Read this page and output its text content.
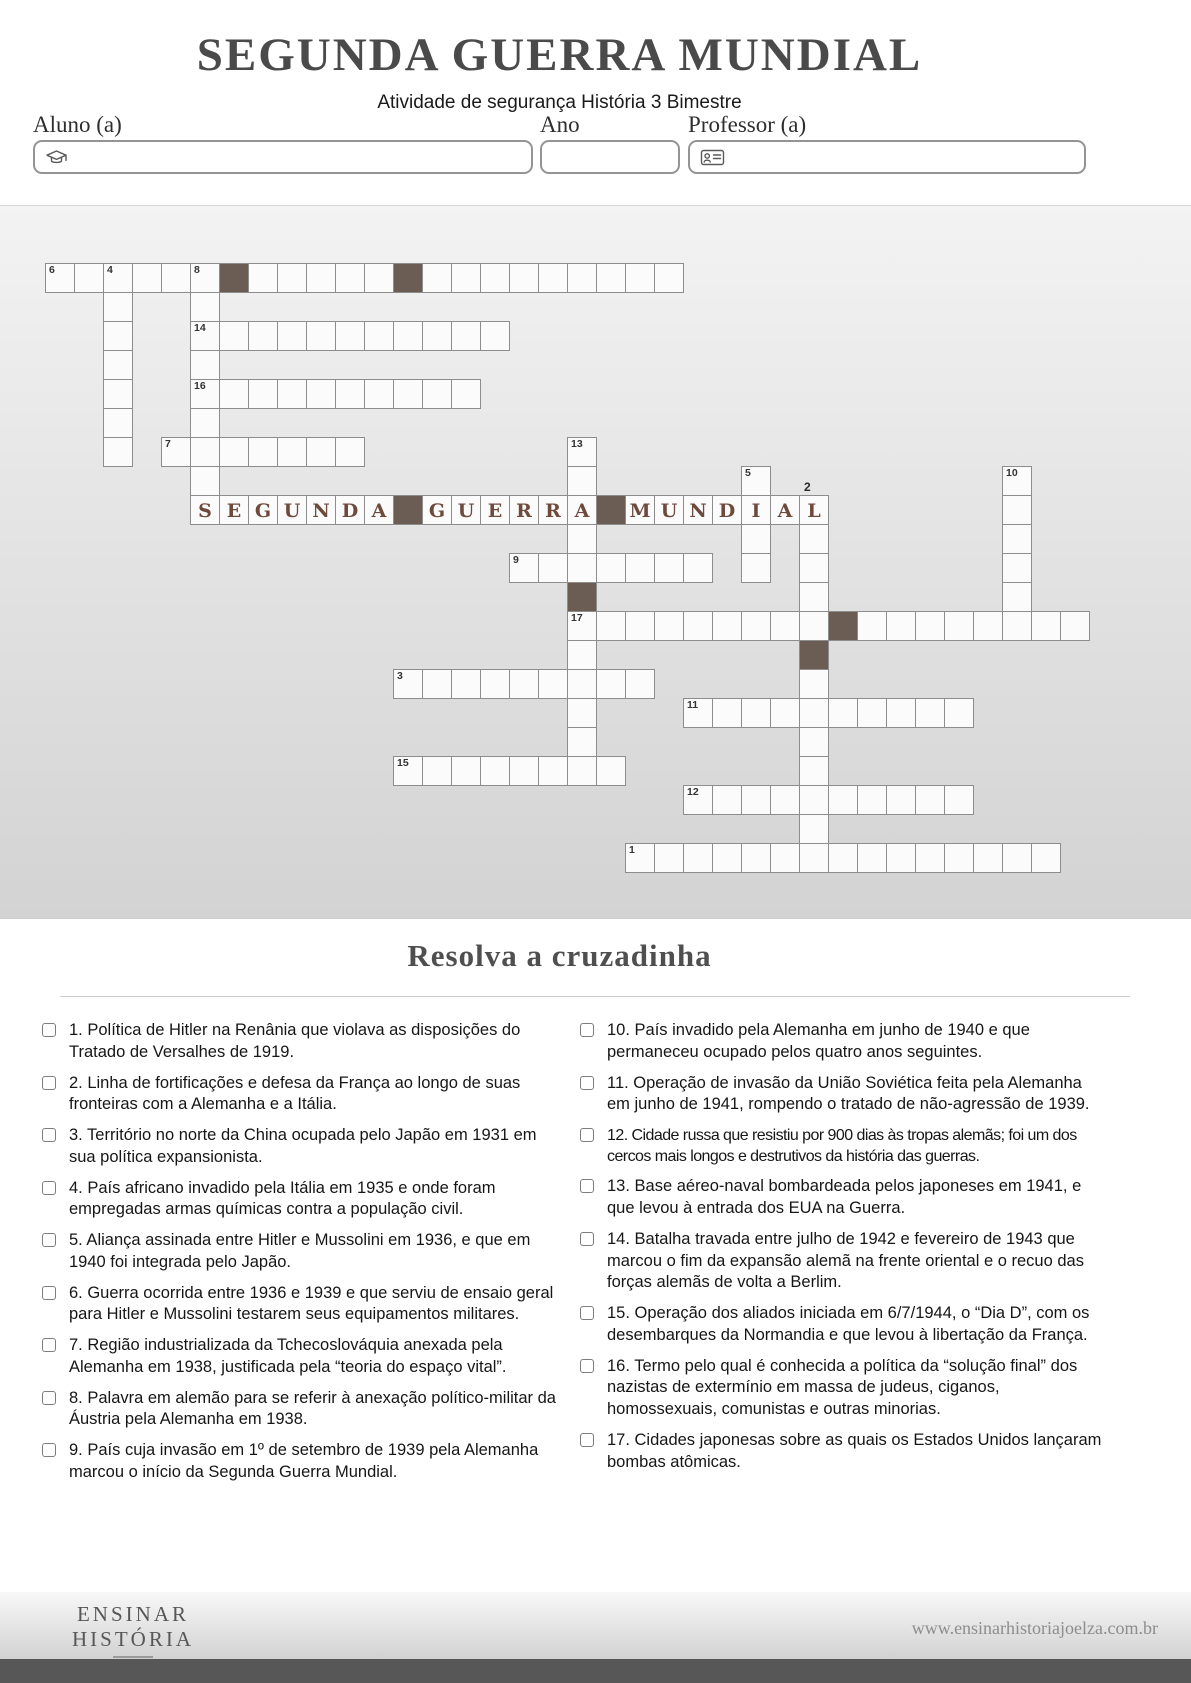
SEGUNDA GUERRA MUNDIAL
Atividade de segurança História 3 Bimestre
Aluno (a)	Ano	Professor (a)
6	4	8
14
16
S
7	13
A
17
5
I
10
E G U N D A G U E R R	M U N D A L
2
9
3
11
15
12
1
Resolva a cruzadinha
1. Política de Hitler na Renânia que violava as disposições do Tratado de Versalhes de 1919.
2. Linha de fortificações e defesa da França ao longo de suas fronteiras com a Alemanha e a Itália.
3. Território no norte da China ocupada pelo Japão em 1931 em sua política expansionista.
4. País africano invadido pela Itália em 1935 e onde foram empregadas armas químicas contra a população civil.
5. Aliança assinada entre Hitler e Mussolini em 1936, e que em 1940 foi integrada pelo Japão.
6. Guerra ocorrida entre 1936 e 1939 e que serviu de ensaio geral para Hitler e Mussolini testarem seus equipamentos militares.
7. Região industrializada da Tchecoslováquia anexada pela Alemanha em 1938, justificada pela “teoria do espaço vital”.
8. Palavra em alemão para se referir à anexação político-militar da Áustria pela Alemanha em 1938.
9. País cuja invasão em 1º de setembro de 1939 pela Alemanha marcou o início da Segunda Guerra Mundial.
10. País invadido pela Alemanha em junho de 1940 e que permaneceu ocupado pelos quatro anos seguintes.
11. Operação de invasão da União Soviética feita pela Alemanha em junho de 1941, rompendo o tratado de não-agressão de 1939.
12. Cidade russa que resistiu por 900 dias às tropas alemãs; foi um dos cercos mais longos e destrutivos da história das guerras.
13. Base aéreo-naval bombardeada pelos japoneses em 1941, e que levou à entrada dos EUA na Guerra.
14. Batalha travada entre julho de 1942 e fevereiro de 1943 que marcou o fim da expansão alemã na frente oriental e o recuo das forças alemãs de volta a Berlim.
15. Operação dos aliados iniciada em 6/7/1944, o “Dia D”, com os desembarques da Normandia e que levou à libertação da França.
16. Termo pelo qual é conhecida a política da “solução final” dos nazistas de extermínio em massa de judeus, ciganos, homossexuais, comunistas e outras minorias.
17. Cidades japonesas sobre as quais os Estados Unidos lançaram bombas atômicas.
ENSINAR HISTÓRIA	www.ensinarhistoriajoelza.com.br
